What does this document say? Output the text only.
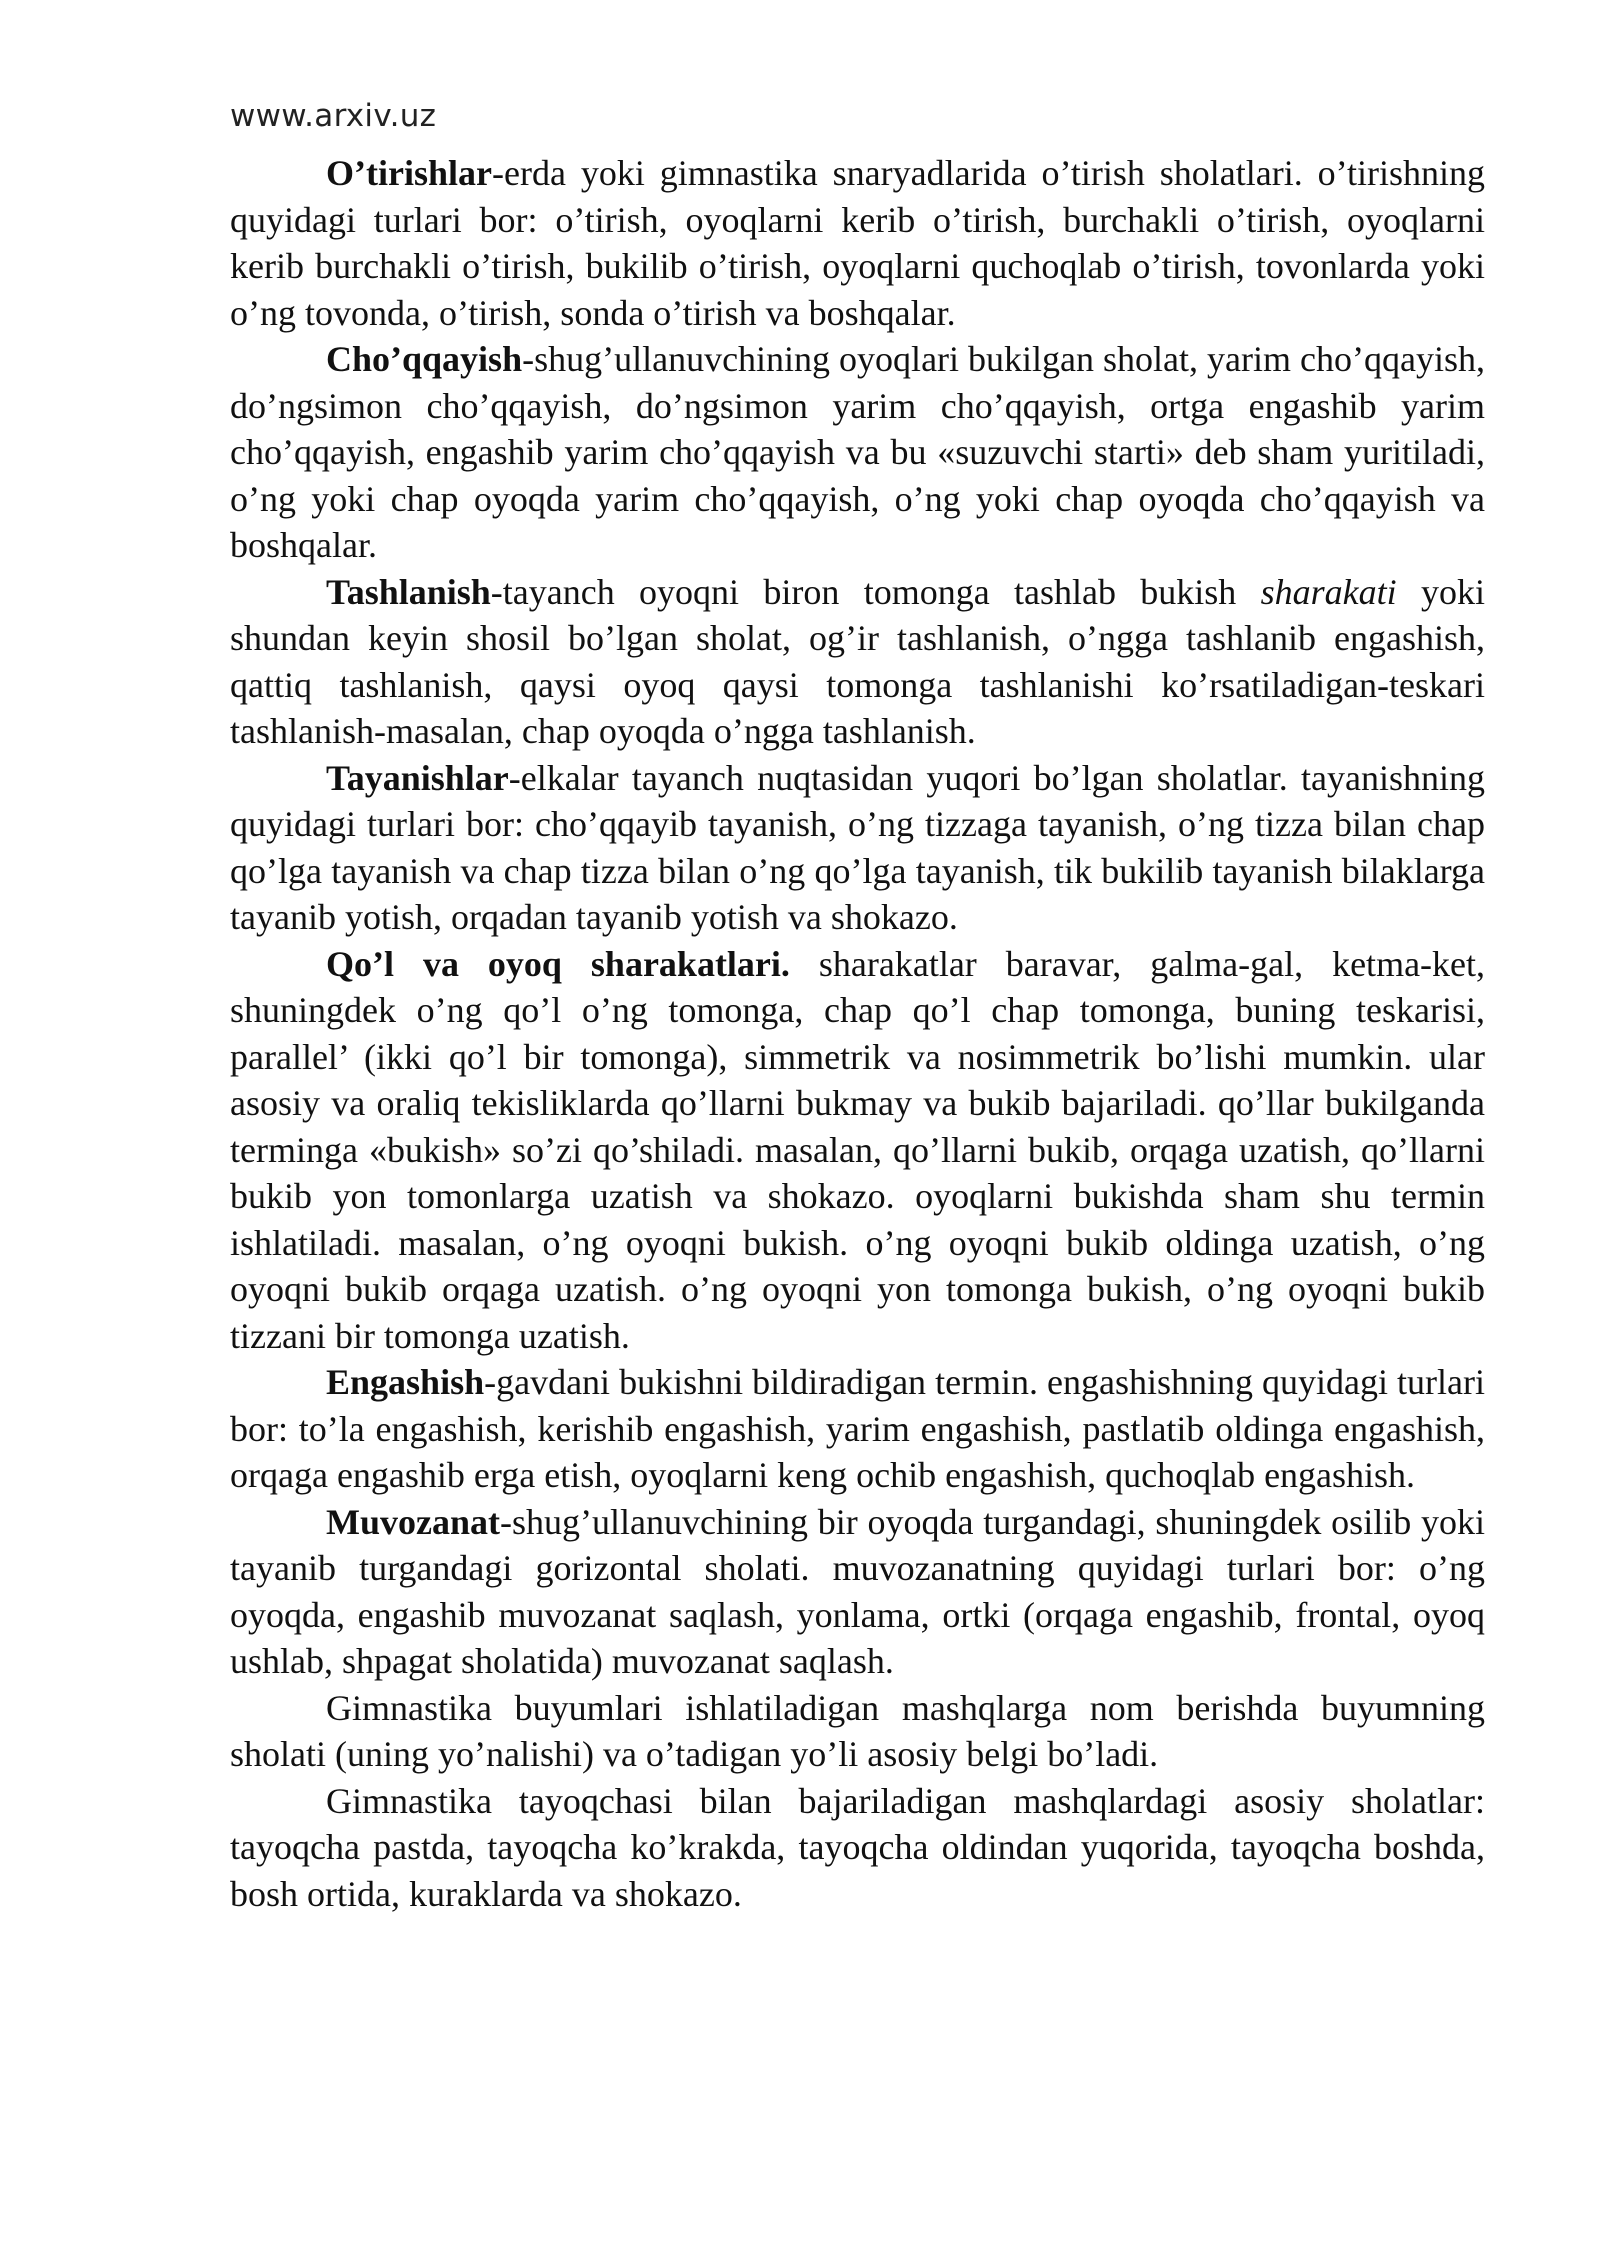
www.arxiv.uz

O’tirishlar-erda yoki gimnastika snaryadlarida o’tirish sholatlari. o’tirishning quyidagi turlari bor: o’tirish, oyoqlarni kerib o’tirish, burchakli o’tirish, oyoqlarni kerib burchakli o’tirish, bukilib o’tirish, oyoqlarni quchoqlab o’tirish, tovonlarda yoki o’ng tovonda, o’tirish, sonda o’tirish va boshqalar.

Cho’qqayish-shug’ullanuvchining oyoqlari bukilgan sholat, yarim cho’qqayish, do’ngsimon cho’qqayish, do’ngsimon yarim cho’qqayish, ortga engashib yarim cho’qqayish, engashib yarim cho’qqayish va bu «suzuvchi starti» deb sham yuritiladi, o’ng yoki chap oyoqda yarim cho’qqayish, o’ng yoki chap oyoqda cho’qqayish va boshqalar.

Tashlanish-tayanch oyoqni biron tomonga tashlab bukish sharakati yoki shundan keyin shosil bo’lgan sholat, og’ir tashlanish, o’ngga tashlanib engashish, qattiq tashlanish, qaysi oyoq qaysi tomonga tashlanishi ko’rsatiladigan-teskari tashlanish-masalan, chap oyoqda o’ngga tashlanish.

Tayanishlar-elkalar tayanch nuqtasidan yuqori bo’lgan sholatlar. tayanishning quyidagi turlari bor: cho’qqayib tayanish, o’ng tizzaga tayanish, o’ng tizza bilan chap qo’lga tayanish va chap tizza bilan o’ng qo’lga tayanish, tik bukilib tayanish bilaklarga tayanib yotish, orqadan tayanib yotish va shokazo.

Qo’l va oyoq sharakatlari. sharakatlar baravar, galma-gal, ketma-ket, shuningdek o’ng qo’l o’ng tomonga, chap qo’l chap tomonga, buning teskarisi, parallel’ (ikki qo’l bir tomonga), simmetrik va nosimmetrik bo’lishi mumkin. ular asosiy va oraliq tekisliklarda qo’llarni bukmay va bukib bajariladi. qo’llar bukilganda terminga «bukish» so’zi qo’shiladi. masalan, qo’llarni bukib, orqaga uzatish, qo’llarni bukib yon tomonlarga uzatish va shokazo. oyoqlarni bukishda sham shu termin ishlatiladi. masalan, o’ng oyoqni bukish. o’ng oyoqni bukib oldinga uzatish, o’ng oyoqni bukib orqaga uzatish. o’ng oyoqni yon tomonga bukish, o’ng oyoqni bukib tizzani bir tomonga uzatish.

Engashish-gavdani bukishni bildiradigan termin. engashishning quyidagi turlari bor: to’la engashish, kerishib engashish, yarim engashish, pastlatib oldinga engashish, orqaga engashib erga etish, oyoqlarni keng ochib engashish, quchoqlab engashish.

Muvozanat-shug’ullanuvchining bir oyoqda turgandagi, shuningdek osilib yoki tayanib turgandagi gorizontal sholati. muvozanatning quyidagi turlari bor: o’ng oyoqda, engashib muvozanat saqlash, yonlama, ortki (orqaga engashib, frontal, oyoq ushlab, shpagat sholatida) muvozanat saqlash.

Gimnastika buyumlari ishlatiladigan mashqlarga nom berishda buyumning sholati (uning yo’nalishi) va o’tadigan yo’li asosiy belgi bo’ladi.

Gimnastika tayoqchasi bilan bajariladigan mashqlardagi asosiy sholatlar: tayoqcha pastda, tayoqcha ko’krakda, tayoqcha oldindan yuqorida, tayoqcha boshda, bosh ortida, kuraklarda va shokazo.
